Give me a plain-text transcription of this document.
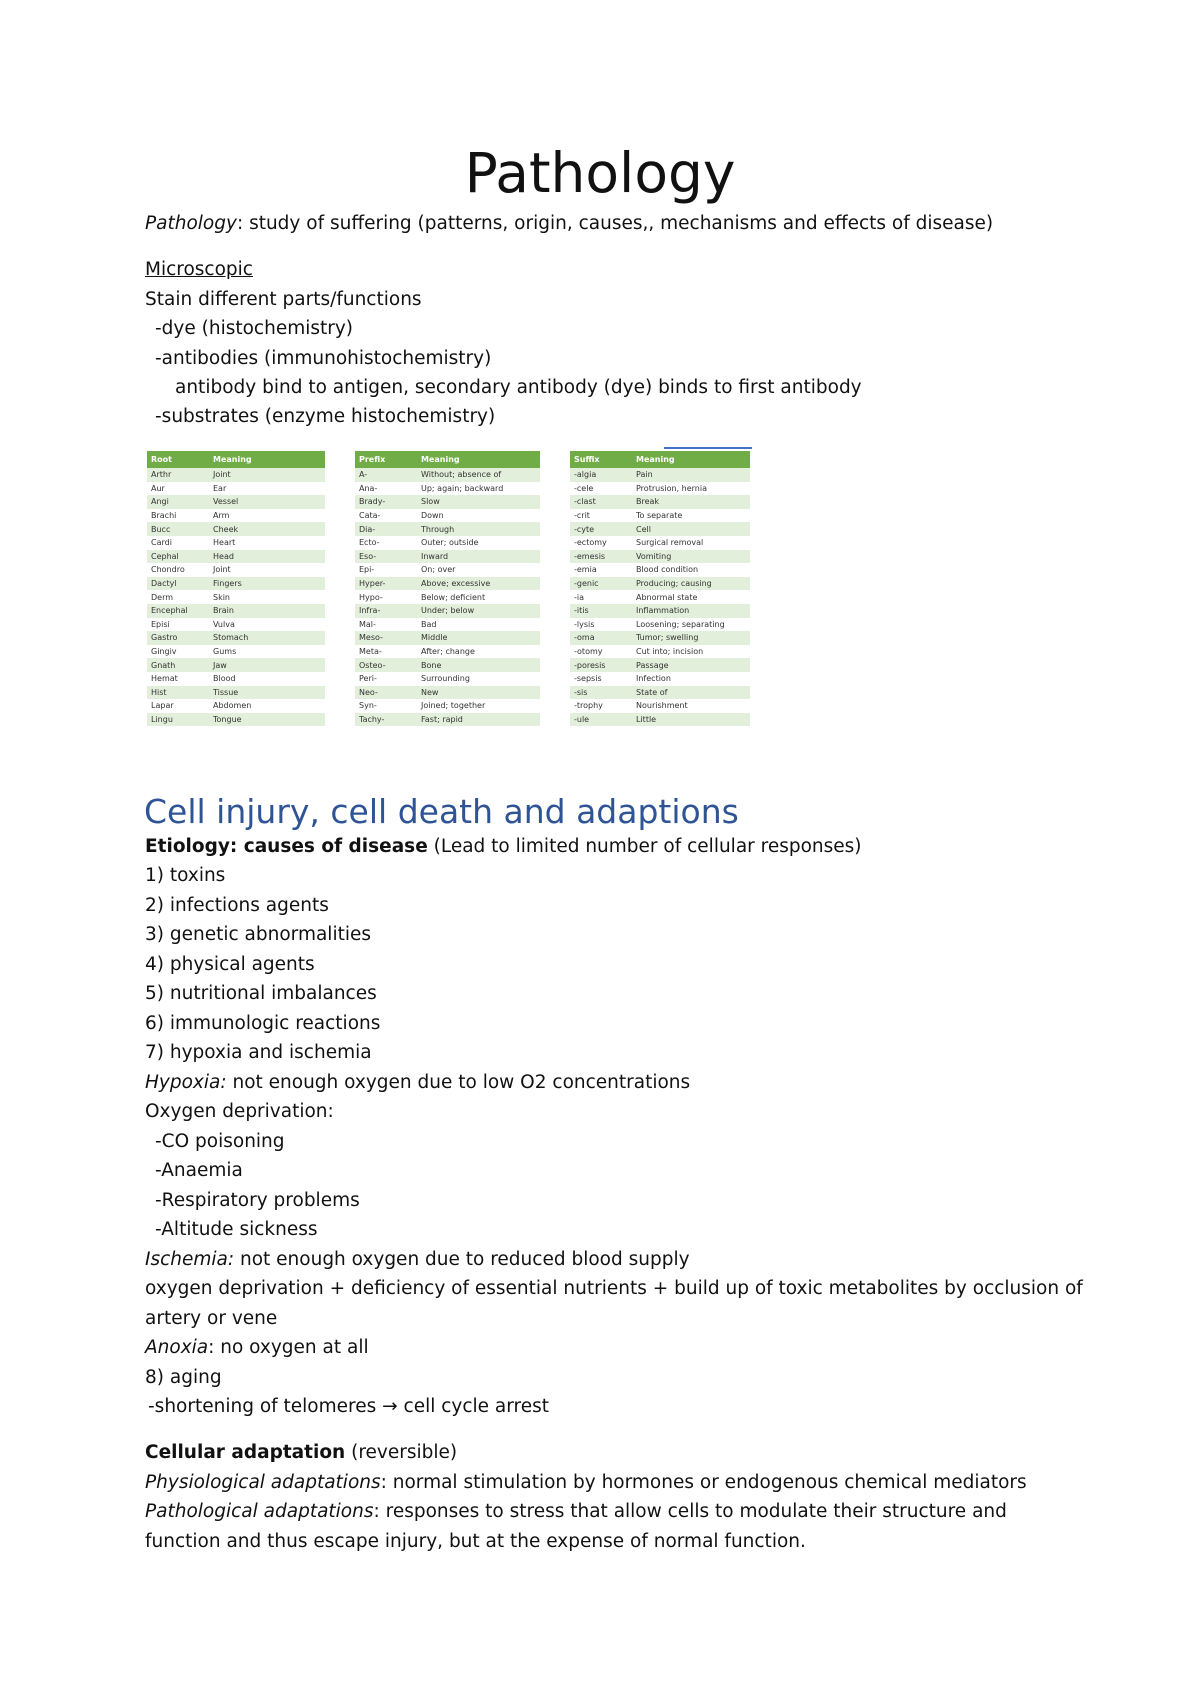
Pathology
Pathology: study of suffering (patterns, origin, causes,, mechanisms and effects of disease)
Microscopic
Stain different parts/functions
-dye (histochemistry)
-antibodies (immunohistochemistry)
antibody bind to antigen, secondary antibody (dye) binds to first antibody
-substrates (enzyme histochemistry)
Root	Meaning
Arthr	Joint
Aur	Ear
Angi	Vessel
Brachi	Arm
Bucc	Cheek
Cardi	Heart
Cephal	Head
Chondro	Joint
Dactyl	Fingers
Derm	Skin
Encephal	Brain
Episi	Vulva
Gastro	Stomach
Gingiv	Gums
Gnath	Jaw
Hemat	Blood
Hist	Tissue
Lapar	Abdomen
Lingu	Tongue
Prefix	Meaning
A-	Without; absence of
Ana-	Up; again; backward
Brady-	Slow
Cata-	Down
Dia-	Through
Ecto-	Outer; outside
Eso-	Inward
Epi-	On; over
Hyper-	Above; excessive
Hypo-	Below; deficient
Infra-	Under; below
Mal-	Bad
Meso-	Middle
Meta-	After; change
Osteo-	Bone
Peri-	Surrounding
Neo-	New
Syn-	Joined; together
Tachy-	Fast; rapid
Suffix	Meaning
-algia	Pain
-cele	Protrusion, hernia
-clast	Break
-crit	To separate
-cyte	Cell
-ectomy	Surgical removal
-emesis	Vomiting
-emia	Blood condition
-genic	Producing; causing
-ia	Abnormal state
-itis	Inflammation
-lysis	Loosening; separating
-oma	Tumor; swelling
-otomy	Cut into; incision
-poresis	Passage
-sepsis	Infection
-sis	State of
-trophy	Nourishment
-ule	Little
Cell injury, cell death and adaptions
Etiology: causes of disease (Lead to limited number of cellular responses)
1) toxins
2) infections agents
3) genetic abnormalities
4) physical agents
5) nutritional imbalances
6) immunologic reactions
7) hypoxia and ischemia
Hypoxia: not enough oxygen due to low O2 concentrations
Oxygen deprivation:
-CO poisoning
-Anaemia
-Respiratory problems
-Altitude sickness
Ischemia: not enough oxygen due to reduced blood supply
oxygen deprivation + deficiency of essential nutrients + build up of toxic metabolites by occlusion of
artery or vene
Anoxia: no oxygen at all
8) aging
-shortening of telomeres → cell cycle arrest
Cellular adaptation (reversible)
Physiological adaptations: normal stimulation by hormones or endogenous chemical mediators
Pathological adaptations: responses to stress that allow cells to modulate their structure and
function and thus escape injury, but at the expense of normal function.
